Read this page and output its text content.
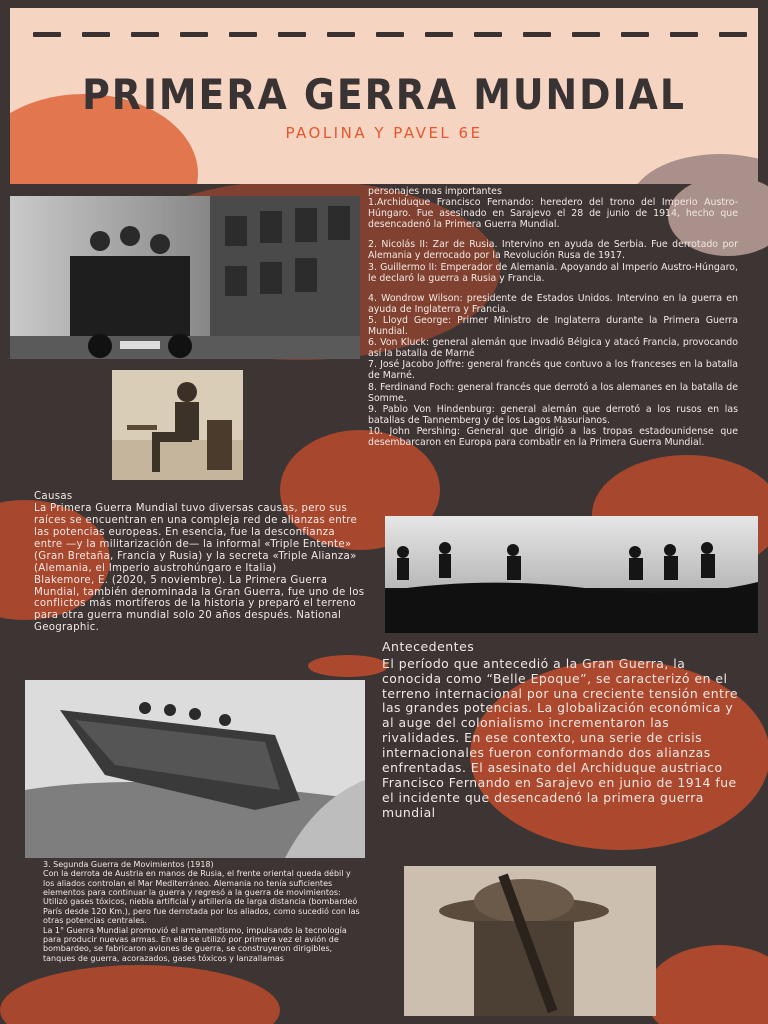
PRIMERA GERRA MUNDIAL
PAOLINA Y PAVEL 6E

personajes mas importantes

1.Archiduque Francisco Fernando: heredero del trono del Imperio Austro-Húngaro. Fue asesinado en Sarajevo el 28 de junio de 1914, hecho que desencadenó la Primera Guerra Mundial.

2. Nicolás II: Zar de Rusia. Intervino en ayuda de Serbia. Fue derrotado por Alemania y derrocado por la Revolución Rusa de 1917.

3. Guillermo II: Emperador de Alemania. Apoyando al Imperio Austro-Húngaro, le declaró la guerra a Rusia y Francia.

4. Wondrow Wilson: presidente de Estados Unidos. Intervino en la guerra en ayuda de Inglaterra y Francia.

5. Lloyd George: Primer Ministro de Inglaterra durante la Primera Guerra Mundial.

6. Von Kluck: general alemán que invadió Bélgica y atacó Francia, provocando así la batalla de Marné

7. José Jacobo Joffre: general francés que contuvo a los franceses en la batalla de Marné.

8. Ferdinand Foch: general francés que derrotó a los alemanes en la batalla de Somme.

9. Pablo Von Hindenburg: general alemán que derrotó a los rusos en las batallas de Tannemberg y de los Lagos Masurianos.

10. John Pershing: General que dirigió a las tropas estadounidense que desembarcaron en Europa para combatir en la Primera Guerra Mundial.

Causas

La Primera Guerra Mundial tuvo diversas causas, pero sus raíces se encuentran en una compleja red de alianzas entre las potencias europeas. En esencia, fue la desconfianza entre —y la militarización de— la informal «Triple Entente» (Gran Bretaña, Francia y Rusia) y la secreta «Triple Alianza» (Alemania, el Imperio austrohúngaro e Italia)

Blakemore, E. (2020, 5 noviembre). La Primera Guerra Mundial, también denominada la Gran Guerra, fue uno de los conflictos más mortíferos de la historia y preparó el terreno para otra guerra mundial solo 20 años después. National Geographic.

Antecedentes

El período que antecedió a la Gran Guerra, la conocida como “Belle Epoque”, se caracterizó en el terreno internacional por una creciente tensión entre las grandes potencias. La globalización económica y al auge del colonialismo incrementaron las rivalidades. En ese contexto, una serie de crisis internacionales fueron conformando dos alianzas enfrentadas. El asesinato del Archiduque austriaco Francisco Fernando en Sarajevo en junio de 1914 fue el incidente que desencadenó la primera guerra mundial

3. Segunda Guerra de Movimientos (1918)

Con la derrota de Austria en manos de Rusia, el frente oriental queda débil y los aliados controlan el Mar Mediterráneo. Alemania no tenía suficientes elementos para continuar la guerra y regresó a la guerra de movimientos: Utilizó gases tóxicos, niebla artificial y artillería de larga distancia (bombardeó París desde 120 Km.), pero fue derrotada por los aliados, como sucedió con las otras potencias centrales.

La 1° Guerra Mundial promovió el armamentismo, impulsando la tecnología para producir nuevas armas. En ella se utilizó por primera vez el avión de bombardeo, se fabricaron aviones de guerra, se construyeron dirigibles, tanques de guerra, acorazados, gases tóxicos y lanzallamas
